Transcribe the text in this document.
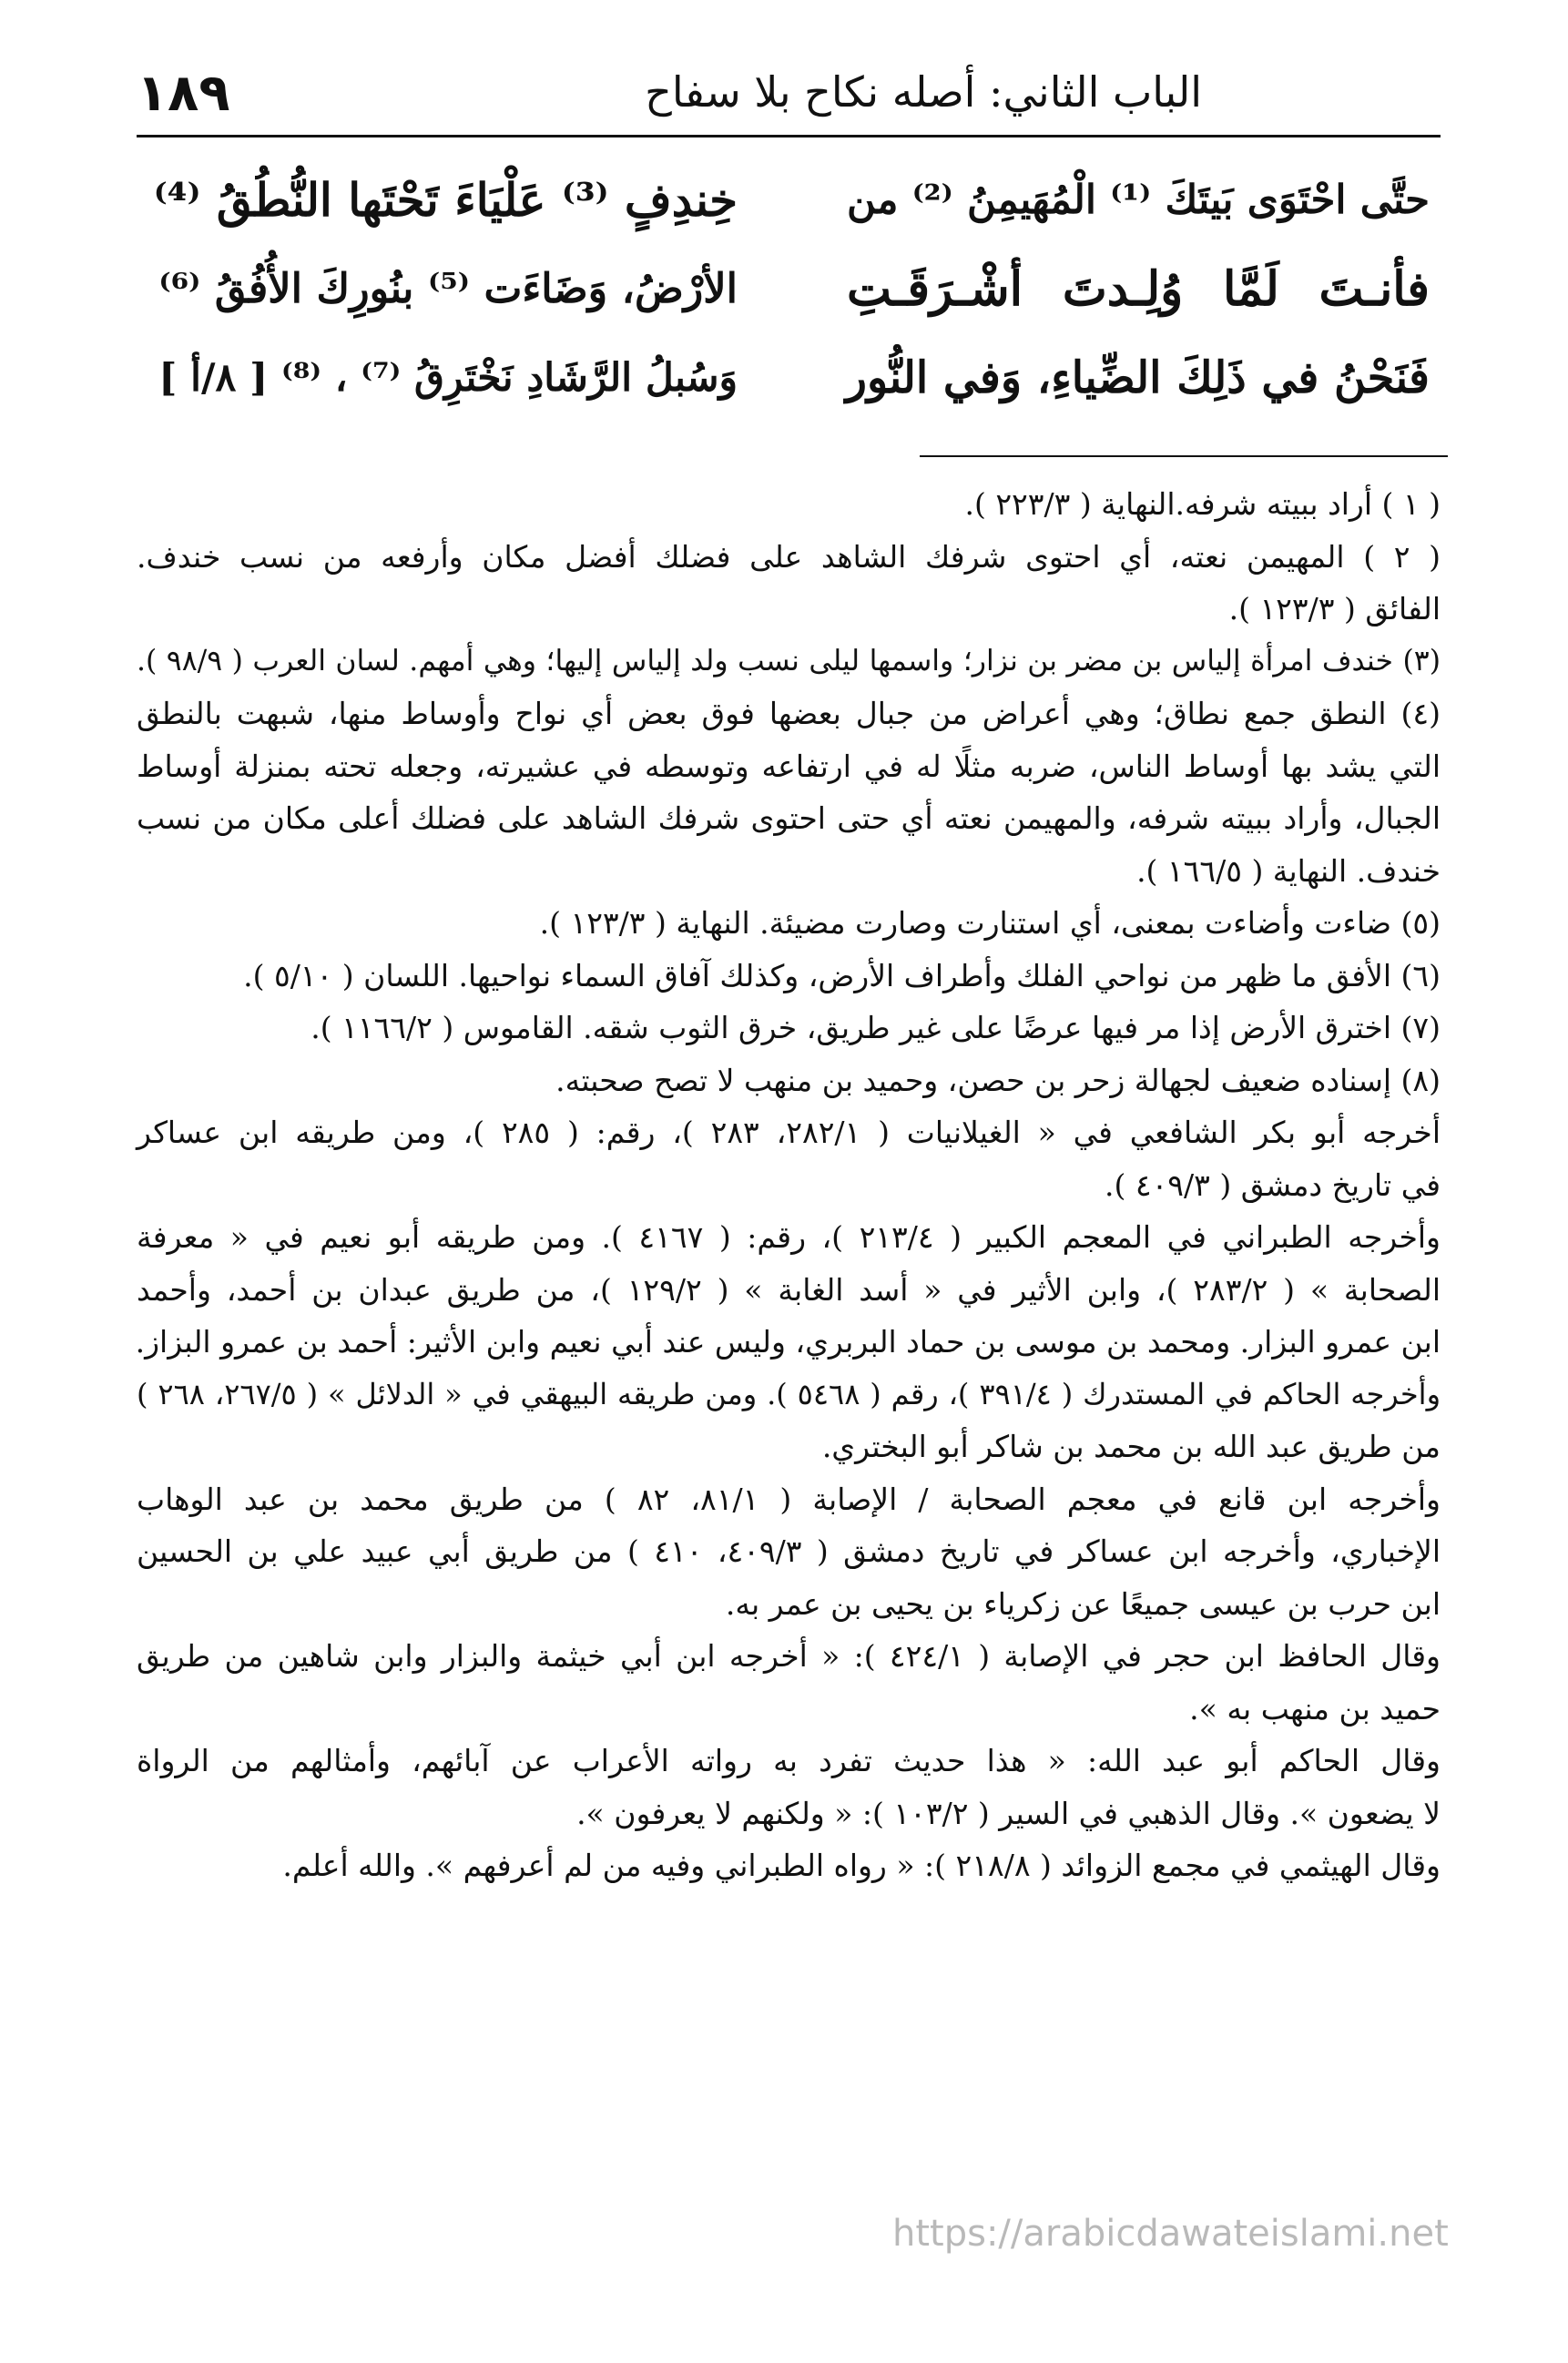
١٨٩	الباب الثاني: أصله نكاح بلا سفاح
حتَّى احْتَوَى بَيتَكَ ⁽¹⁾ الْمُهَيمِنُ ⁽²⁾ من
خِندِفٍ ⁽³⁾ عَلْيَاءَ تَحْتَها النُّطُقُ ⁽⁴⁾
فأنـتَ لَمَّا وُلِـدتَ أشْـرَقَـتِ
الأرْضُ، وَضَاءَت ⁽⁵⁾ بنُورِكَ الأُفُقُ ⁽⁶⁾
فَنَحْنُ في ذَلِكَ الضِّياءِ، وَفي النُّور
وَسُبلُ الرَّشَادِ نَخْتَرِقُ ⁽⁷⁾ ، ⁽⁸⁾ [ ٨/أ ]
( ١ ) أراد ببيته شرفه.النهاية ( ٢٢٣/٣ ).
( ٢ ) المهيمن نعته، أي احتوى شرفك الشاهد على فضلك أفضل مكان وأرفعه من نسب خندف.
الفائق ( ١٢٣/٣ ).
(٣) خندف امرأة إلياس بن مضر بن نزار؛ واسمها ليلى نسب ولد إلياس إليها؛ وهي أمهم. لسان العرب ( ٩٨/٩ ).
(٤) النطق جمع نطاق؛ وهي أعراض من جبال بعضها فوق بعض أي نواح وأوساط منها، شبهت بالنطق
التي يشد بها أوساط الناس، ضربه مثلًا له في ارتفاعه وتوسطه في عشيرته، وجعله تحته بمنزلة أوساط
الجبال، وأراد ببيته شرفه، والمهيمن نعته أي حتى احتوى شرفك الشاهد على فضلك أعلى مكان من نسب
خندف. النهاية ( ١٦٦/٥ ).
(٥) ضاءت وأضاءت بمعنى، أي استنارت وصارت مضيئة. النهاية ( ١٢٣/٣ ).
(٦) الأفق ما ظهر من نواحي الفلك وأطراف الأرض، وكذلك آفاق السماء نواحيها. اللسان ( ٥/١٠ ).
(٧) اخترق الأرض إذا مر فيها عرضًا على غير طريق، خرق الثوب شقه. القاموس ( ١١٦٦/٢ ).
(٨) إسناده ضعيف لجهالة زحر بن حصن، وحميد بن منهب لا تصح صحبته.
أخرجه أبو بكر الشافعي في « الغيلانيات ( ٢٨٢/١، ٢٨٣ )، رقم: ( ٢٨٥ )، ومن طريقه ابن عساكر
في تاريخ دمشق ( ٤٠٩/٣ ).
وأخرجه الطبراني في المعجم الكبير ( ٢١٣/٤ )، رقم: ( ٤١٦٧ ). ومن طريقه أبو نعيم في « معرفة
الصحابة » ( ٢٨٣/٢ )، وابن الأثير في « أسد الغابة » ( ١٢٩/٢ )، من طريق عبدان بن أحمد، وأحمد
ابن عمرو البزار. ومحمد بن موسى بن حماد البربري، وليس عند أبي نعيم وابن الأثير: أحمد بن عمرو البزاز.
وأخرجه الحاكم في المستدرك ( ٣٩١/٤ )، رقم ( ٥٤٦٨ ). ومن طريقه البيهقي في « الدلائل » ( ٢٦٧/٥، ٢٦٨ )
من طريق عبد الله بن محمد بن شاكر أبو البختري.
وأخرجه ابن قانع في معجم الصحابة / الإصابة ( ٨١/١، ٨٢ ) من طريق محمد بن عبد الوهاب
الإخباري، وأخرجه ابن عساكر في تاريخ دمشق ( ٤٠٩/٣، ٤١٠ ) من طريق أبي عبيد علي بن الحسين
ابن حرب بن عيسى جميعًا عن زكرياء بن يحيى بن عمر به.
وقال الحافظ ابن حجر في الإصابة ( ٤٢٤/١ ): « أخرجه ابن أبي خيثمة والبزار وابن شاهين من طريق
حميد بن منهب به ».
وقال الحاكم أبو عبد الله: « هذا حديث تفرد به رواته الأعراب عن آبائهم، وأمثالهم من الرواة
لا يضعون ». وقال الذهبي في السير ( ١٠٣/٢ ): « ولكنهم لا يعرفون ».
وقال الهيثمي في مجمع الزوائد ( ٢١٨/٨ ): « رواه الطبراني وفيه من لم أعرفهم ». والله أعلم.
https://arabicdawateislami.net
